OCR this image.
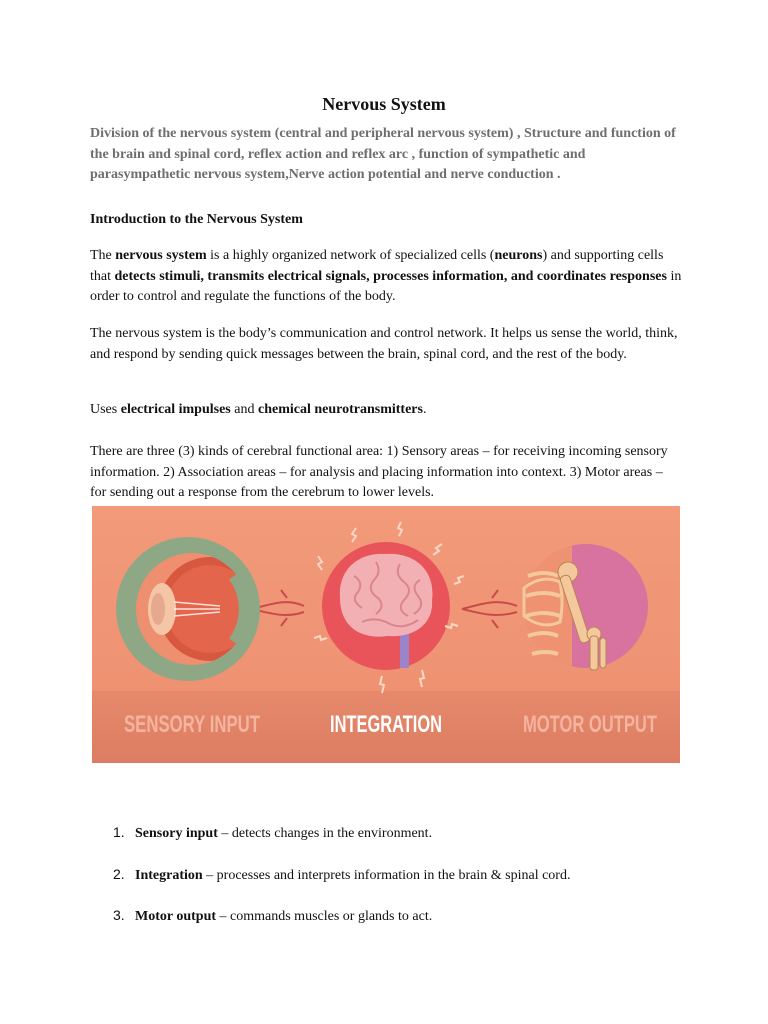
Nervous System
Division of the nervous system (central and peripheral nervous system) , Structure and function of the brain and spinal cord, reflex action and reflex arc , function of sympathetic and parasympathetic nervous system,Nerve action potential and nerve conduction .
Introduction to the Nervous System
The nervous system is a highly organized network of specialized cells (neurons) and supporting cells that detects stimuli, transmits electrical signals, processes information, and coordinates responses in order to control and regulate the functions of the body.
The nervous system is the body’s communication and control network. It helps us sense the world, think, and respond by sending quick messages between the brain, spinal cord, and the rest of the body.
Uses electrical impulses and chemical neurotransmitters.
There are three (3) kinds of cerebral functional area: 1) Sensory areas – for receiving incoming sensory information. 2) Association areas – for analysis and placing information into context. 3) Motor areas – for sending out a response from the cerebrum to lower levels.
SENSORY INPUT	INTEGRATION	MOTOR OUTPUT
1. Sensory input – detects changes in the environment.
2. Integration – processes and interprets information in the brain & spinal cord.
3. Motor output – commands muscles or glands to act.
